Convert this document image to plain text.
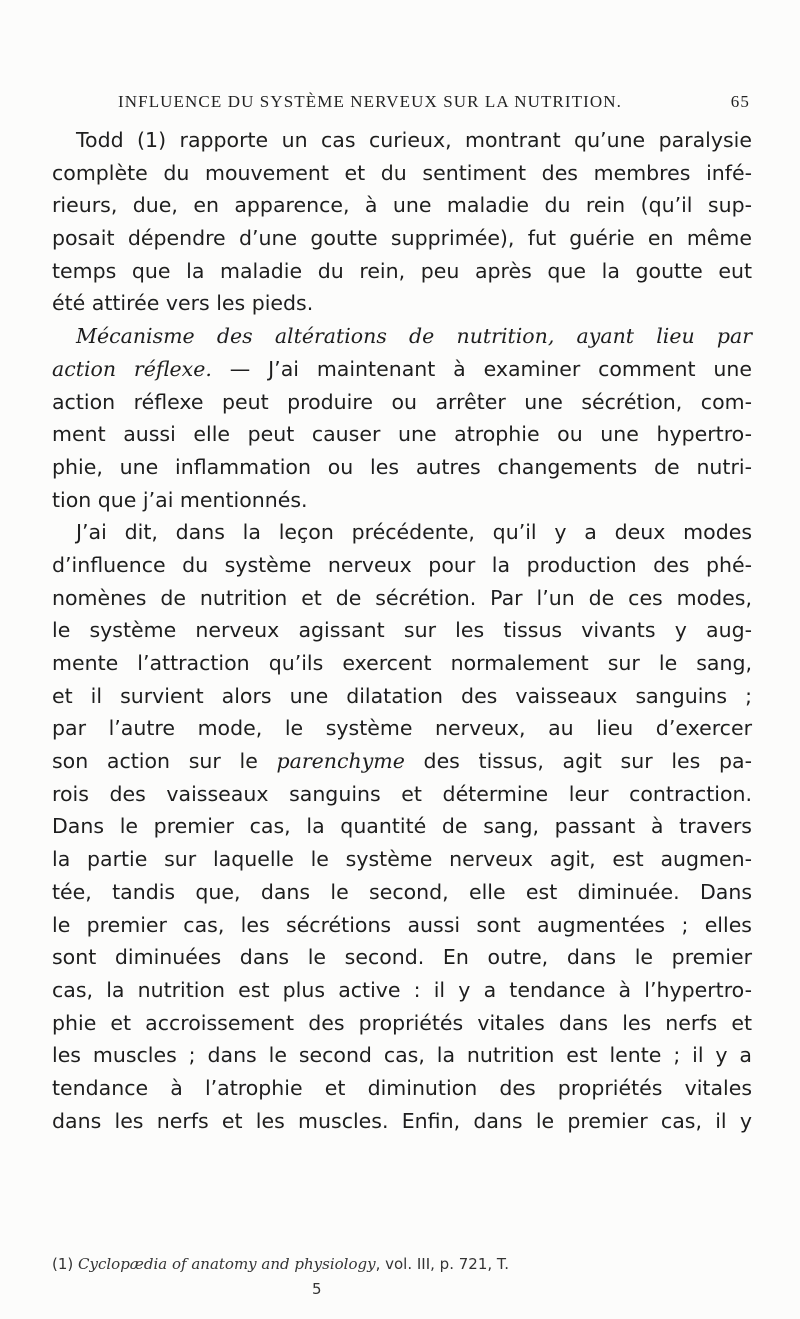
INFLUENCE DU SYSTÈME NERVEUX SUR LA NUTRITION.	65
Todd (1) rapporte un cas curieux, montrant qu’une paralysie
complète du mouvement et du sentiment des membres infé-
rieurs, due, en apparence, à une maladie du rein (qu’il sup-
posait dépendre d’une goutte supprimée), fut guérie en même
temps que la maladie du rein, peu après que la goutte eut
été attirée vers les pieds.
Mécanisme des altérations de nutrition, ayant lieu par
action réflexe. — J’ai maintenant à examiner comment une
action réflexe peut produire ou arrêter une sécrétion, com-
ment aussi elle peut causer une atrophie ou une hypertro-
phie, une inflammation ou les autres changements de nutri-
tion que j’ai mentionnés.
J’ai dit, dans la leçon précédente, qu’il y a deux modes
d’influence du système nerveux pour la production des phé-
nomènes de nutrition et de sécrétion. Par l’un de ces modes,
le système nerveux agissant sur les tissus vivants y aug-
mente l’attraction qu’ils exercent normalement sur le sang,
et il survient alors une dilatation des vaisseaux sanguins ;
par l’autre mode, le système nerveux, au lieu d’exercer
son action sur le parenchyme des tissus, agit sur les pa-
rois des vaisseaux sanguins et détermine leur contraction.
Dans le premier cas, la quantité de sang, passant à travers
la partie sur laquelle le système nerveux agit, est augmen-
tée, tandis que, dans le second, elle est diminuée. Dans
le premier cas, les sécrétions aussi sont augmentées ; elles
sont diminuées dans le second. En outre, dans le premier
cas, la nutrition est plus active : il y a tendance à l’hypertro-
phie et accroissement des propriétés vitales dans les nerfs et
les muscles ; dans le second cas, la nutrition est lente ; il y a
tendance à l’atrophie et diminution des propriétés vitales
dans les nerfs et les muscles. Enfin, dans le premier cas, il y
(1) Cyclopædia of anatomy and physiology, vol. III, p. 721, T.
5
